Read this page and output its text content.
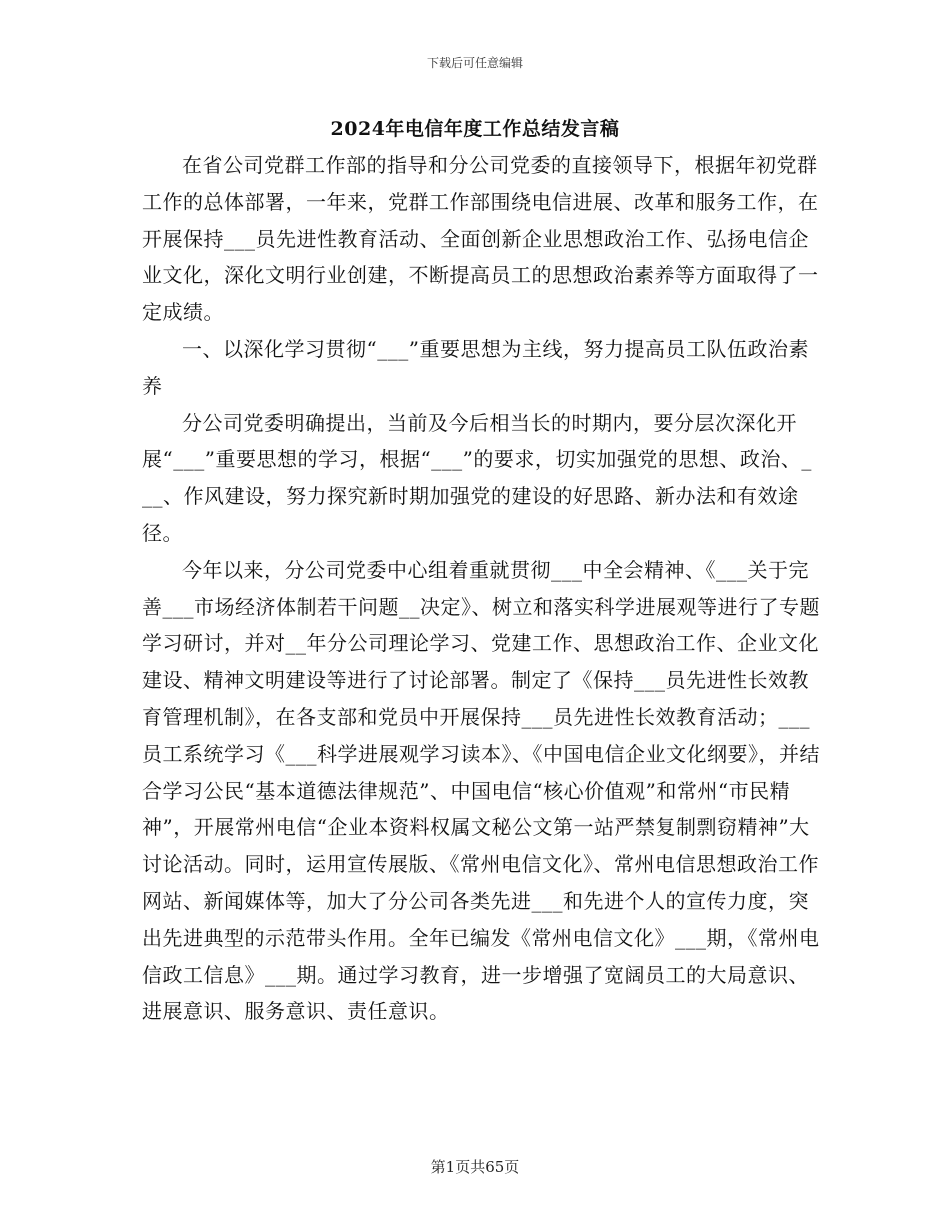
下载后可任意编辑
2024年电信年度工作总结发言稿

在省公司党群工作部的指导和分公司党委的直接领导下，根据年初党群工作的总体部署，一年来，党群工作部围绕电信进展、改革和服务工作，在开展保持___员先进性教育活动、全面创新企业思想政治工作、弘扬电信企业文化，深化文明行业创建，不断提高员工的思想政治素养等方面取得了一定成绩。

一、以深化学习贯彻“___”重要思想为主线，努力提高员工队伍政治素养

分公司党委明确提出，当前及今后相当长的时期内，要分层次深化开展“___”重要思想的学习，根据“___”的要求，切实加强党的思想、政治、___、作风建设，努力探究新时期加强党的建设的好思路、新办法和有效途径。

今年以来，分公司党委中心组着重就贯彻___中全会精神、《___关于完善___市场经济体制若干问题__决定》、树立和落实科学进展观等进行了专题学习研讨，并对__年分公司理论学习、党建工作、思想政治工作、企业文化建设、精神文明建设等进行了讨论部署。制定了《保持___员先进性长效教育管理机制》，在各支部和党员中开展保持___员先进性长效教育活动；___员工系统学习《___科学进展观学习读本》、《中国电信企业文化纲要》，并结合学习公民“基本道德法律规范”、中国电信“核心价值观”和常州“市民精神”，开展常州电信“企业本资料权属文秘公文第一站严禁复制剽窃精神”大讨论活动。同时，运用宣传展版、《常州电信文化》、常州电信思想政治工作网站、新闻媒体等，加大了分公司各类先进___和先进个人的宣传力度，突出先进典型的示范带头作用。全年已编发《常州电信文化》___期，《常州电信政工信息》___期。通过学习教育，进一步增强了宽阔员工的大局意识、进展意识、服务意识、责任意识。

第1页共65页
